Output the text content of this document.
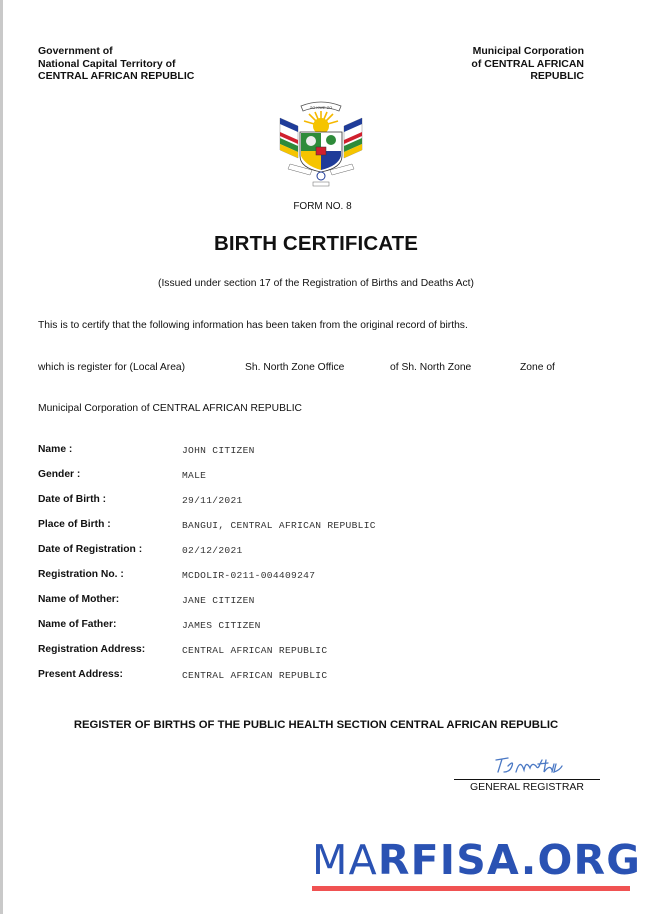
Government of
National Capital Territory of
CENTRAL AFRICAN REPUBLIC
Municipal Corporation
of CENTRAL AFRICAN
REPUBLIC
ZO KWE ZO
FORM NO. 8
BIRTH CERTIFICATE
(Issued under section 17 of the Registration of Births and Deaths Act)
This is to certify that the following information has been taken from the original record of births.
which is register for (Local Area)	Sh. North Zone Office	of Sh. North Zone	Zone of
Municipal Corporation of CENTRAL AFRICAN REPUBLIC
Name :	JOHN CITIZEN
Gender :	MALE
Date of Birth :	29/11/2021
Place of Birth :	BANGUI, CENTRAL AFRICAN REPUBLIC
Date of Registration :	02/12/2021
Registration No. :	MCDOLIR-0211-004409247
Name of Mother:	JANE CITIZEN
Name of Father:	JAMES CITIZEN
Registration Address:	CENTRAL AFRICAN REPUBLIC
Present Address:	CENTRAL AFRICAN REPUBLIC
REGISTER OF BIRTHS OF THE PUBLIC HEALTH SECTION CENTRAL AFRICAN REPUBLIC
GENERAL REGISTRAR
MARFISA.ORG
